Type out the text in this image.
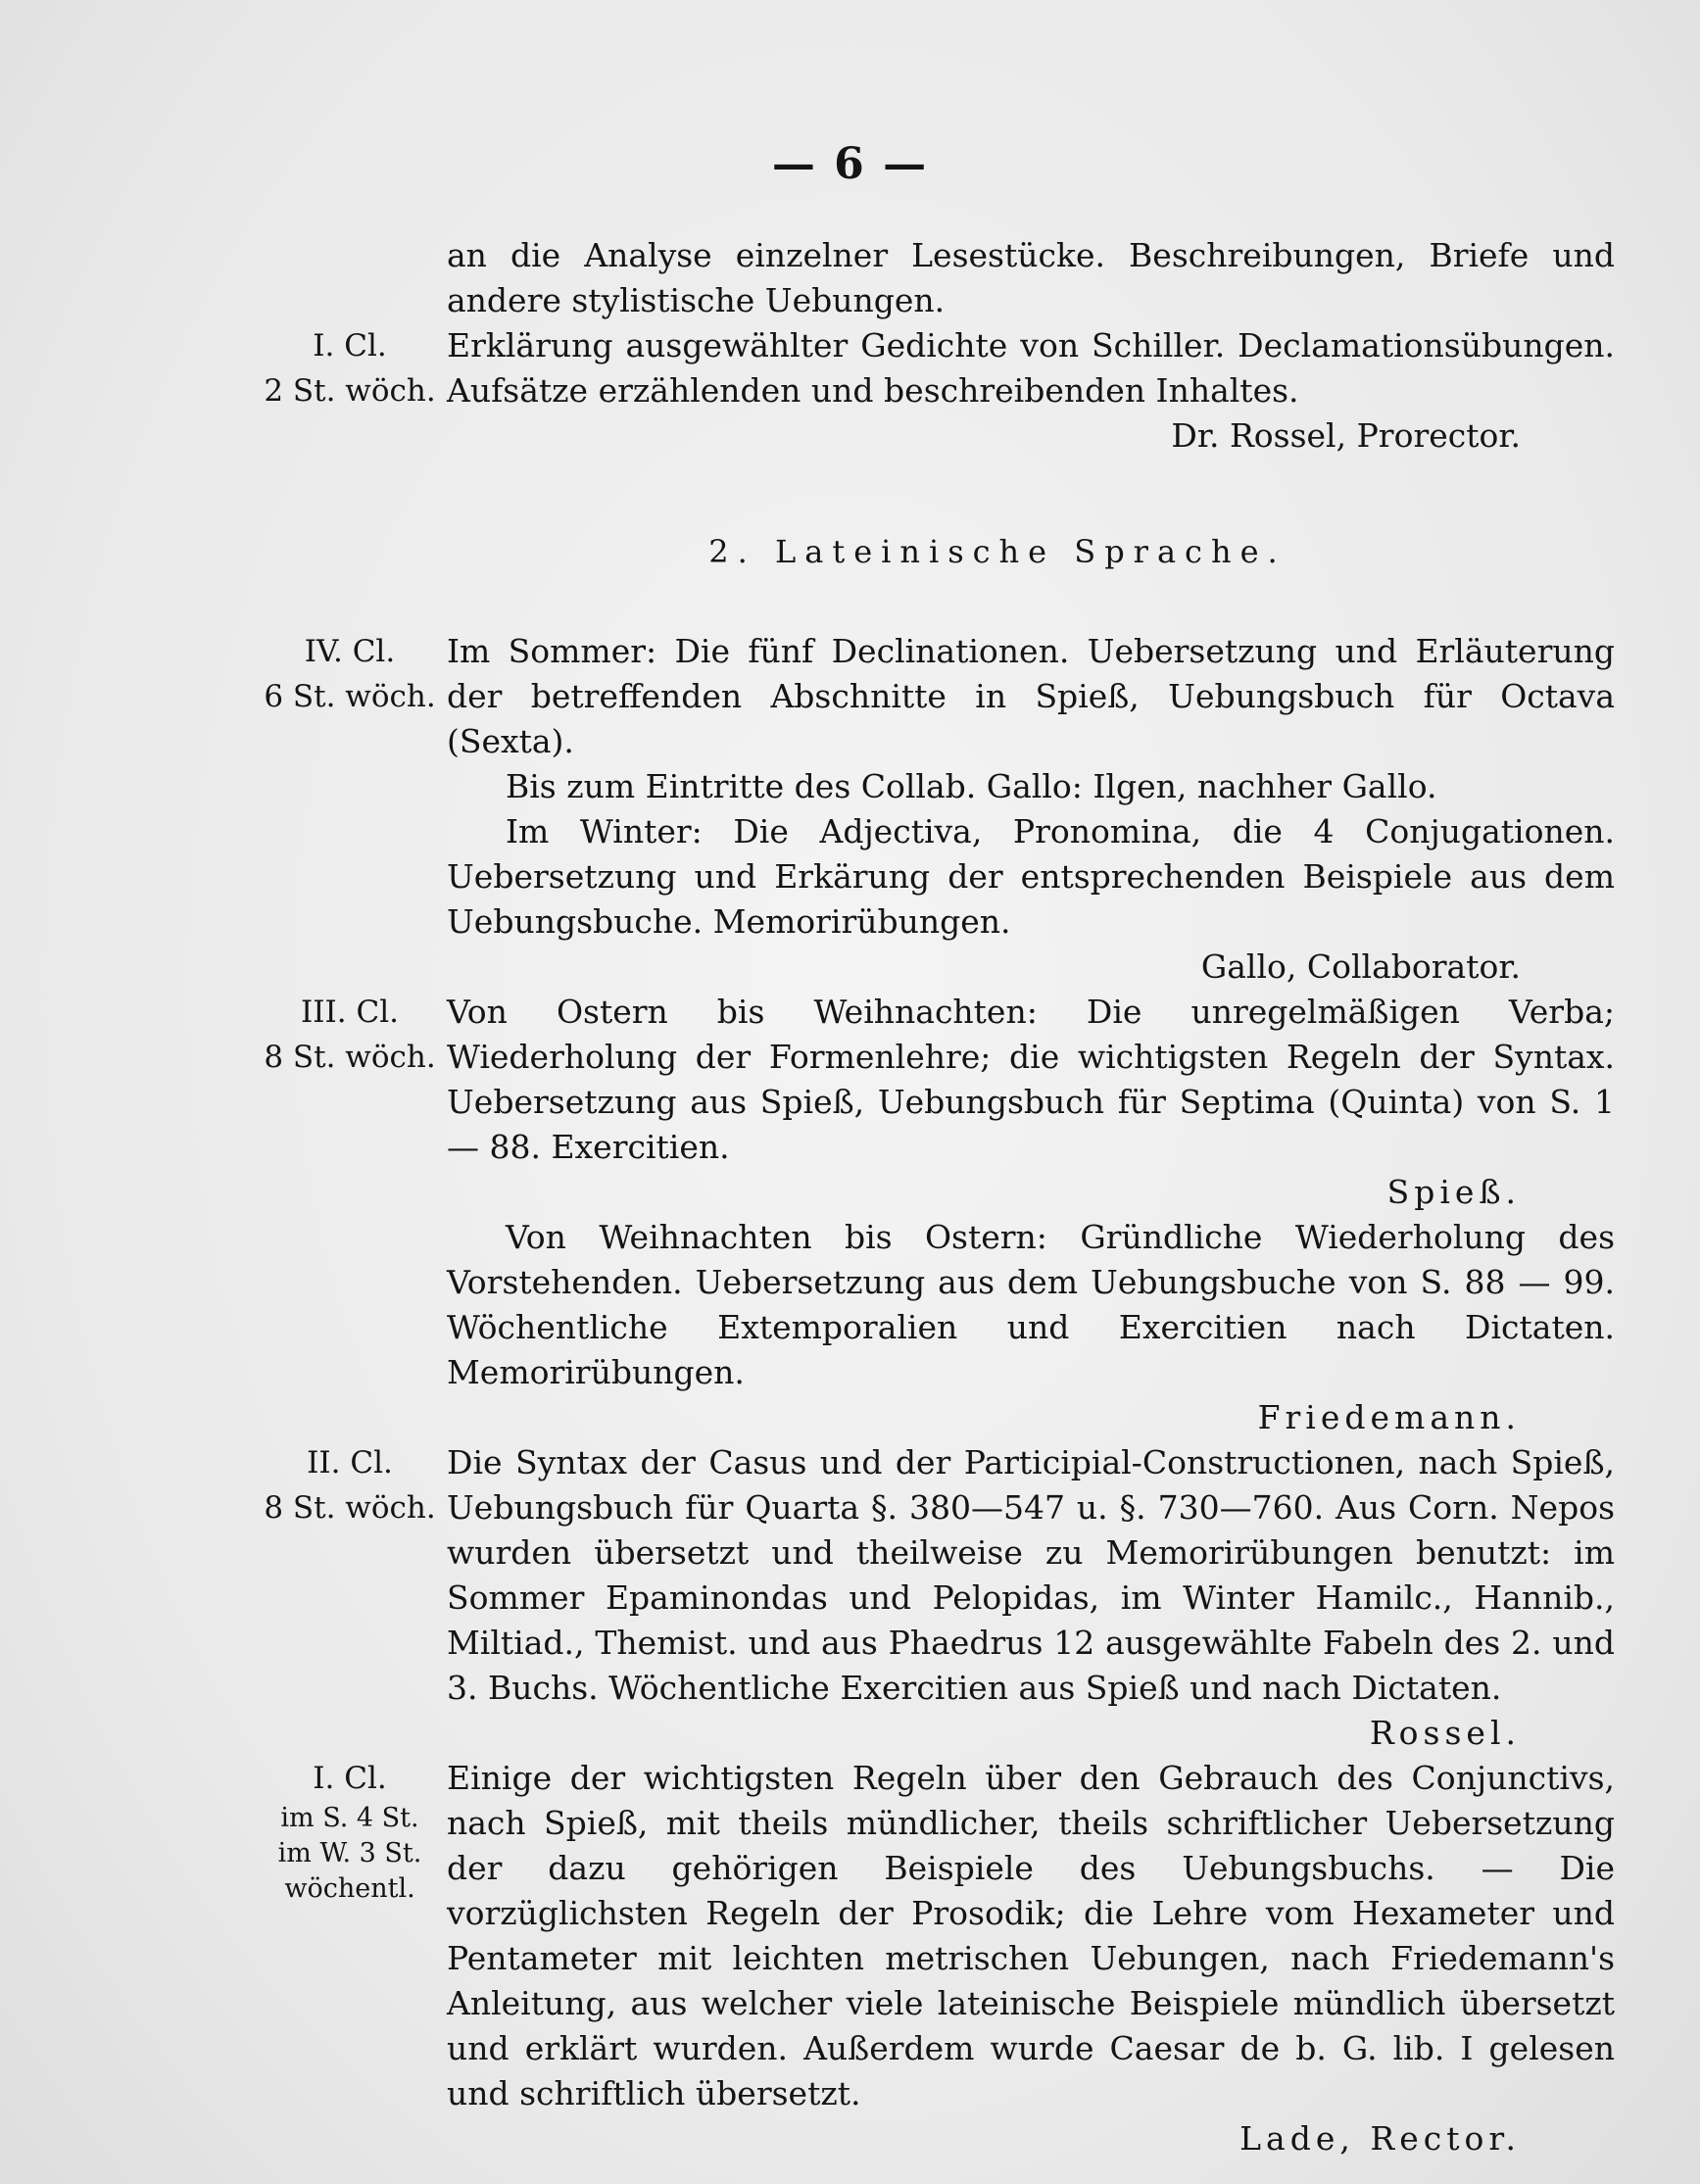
— 6 —

an die Analyse einzelner Lesestücke. Beschreibungen, Briefe und andere stylistische Uebungen.

I. Cl.
2 St. wöch.

Erklärung ausgewählter Gedichte von Schiller. Declamationsübungen. Aufsätze erzählenden und beschreibenden Inhaltes.

Dr. Rossel, Prorector.
2. Lateinische Sprache.
IV. Cl.
6 St. wöch.

Im Sommer: Die fünf Declinationen. Uebersetzung und Erläuterung der betreffenden Abschnitte in Spieß, Uebungsbuch für Octava (Sexta).

Bis zum Eintritte des Collab. Gallo: Ilgen, nachher Gallo.

Im Winter: Die Adjectiva, Pronomina, die 4 Conjugationen. Uebersetzung und Erkärung der entsprechenden Beispiele aus dem Uebungsbuche. Memorirübungen.

Gallo, Collaborator.
III. Cl.
8 St. wöch.

Von Ostern bis Weihnachten: Die unregelmäßigen Verba; Wiederholung der Formenlehre; die wichtigsten Regeln der Syntax. Uebersetzung aus Spieß, Uebungsbuch für Septima (Quinta) von S. 1 — 88. Exercitien.

Spieß.

Von Weihnachten bis Ostern: Gründliche Wiederholung des Vorstehenden. Uebersetzung aus dem Uebungsbuche von S. 88 — 99. Wöchentliche Extemporalien und Exercitien nach Dictaten. Memorirübungen.

Friedemann.
II. Cl.
8 St. wöch.

Die Syntax der Casus und der Participial-Constructionen, nach Spieß, Uebungsbuch für Quarta §. 380—547 u. §. 730—760. Aus Corn. Nepos wurden übersetzt und theilweise zu Memorirübungen benutzt: im Sommer Epaminondas und Pelopidas, im Winter Hamilc., Hannib., Miltiad., Themist. und aus Phaedrus 12 ausgewählte Fabeln des 2. und 3. Buchs. Wöchentliche Exercitien aus Spieß und nach Dictaten.

Rossel.
I. Cl.
im S. 4 St.
im W. 3 St.
wöchentl.

Einige der wichtigsten Regeln über den Gebrauch des Conjunctivs, nach Spieß, mit theils mündlicher, theils schriftlicher Uebersetzung der dazu gehörigen Beispiele des Uebungsbuchs. — Die vorzüglichsten Regeln der Prosodik; die Lehre vom Hexameter und Pentameter mit leichten metrischen Uebungen, nach Friedemann's Anleitung, aus welcher viele lateinische Beispiele mündlich übersetzt und erklärt wurden. Außerdem wurde Caesar de b. G. lib. I gelesen und schriftlich übersetzt.

Lade, Rector.
